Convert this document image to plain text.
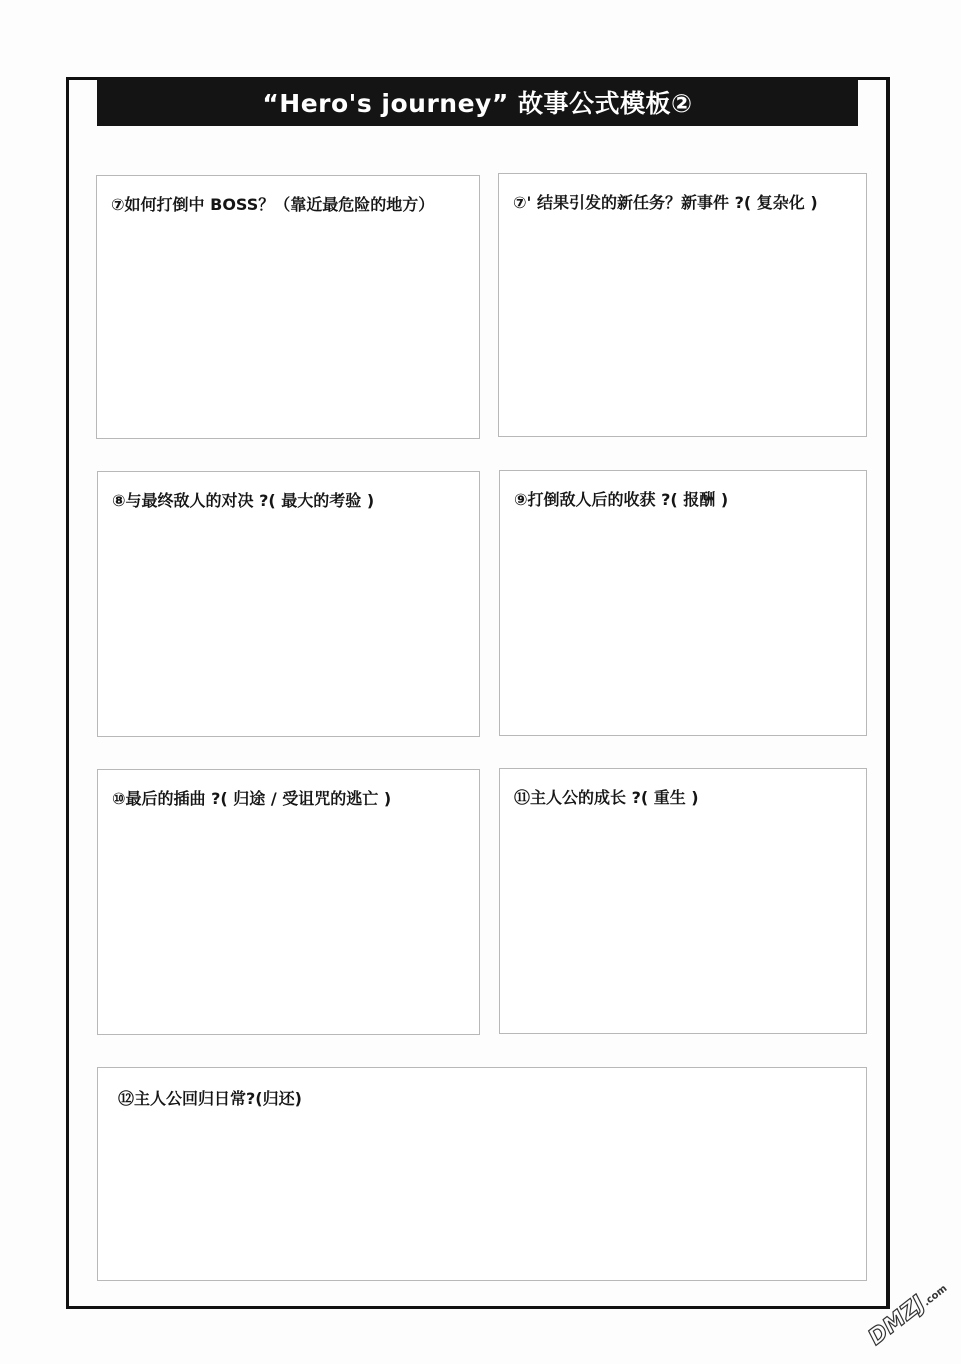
“Hero's journey” 故事公式模板②
⑦如何打倒中 BOSS？（靠近最危险的地方）	⑦' 结果引发的新任务？新事件 ?( 复杂化 )
⑧与最终敌人的对决 ?( 最大的考验 )	⑨打倒敌人后的收获 ?( 报酬 )
⑩最后的插曲 ?( 归途 / 受诅咒的逃亡 )	⑪主人公的成长 ?( 重生 )
⑫主人公回归日常?(归还)
DMZJ.com
